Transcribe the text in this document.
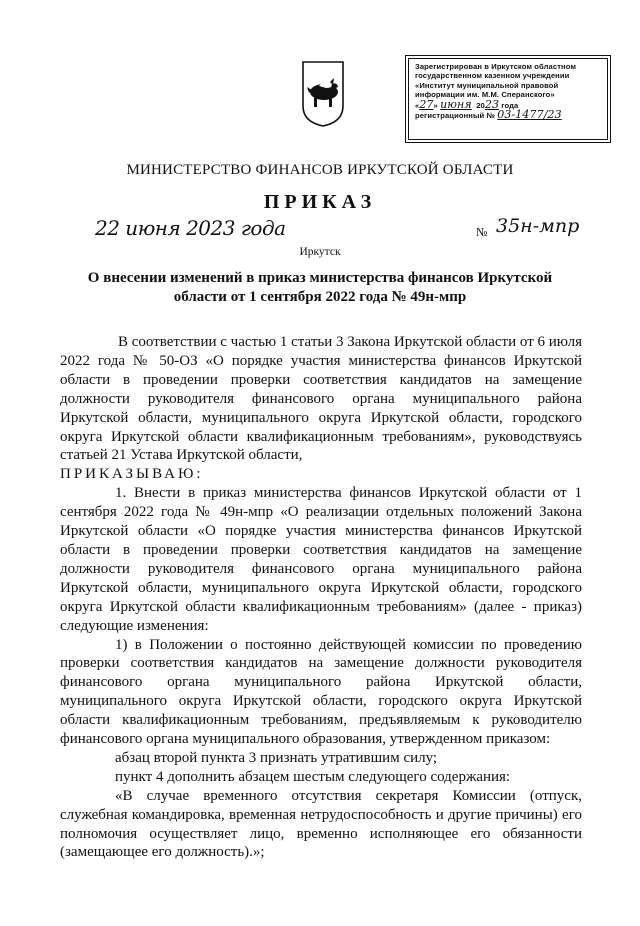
Зарегистрирован в Иркутском областном
государственном казенном учреждении
«Институт муниципальной правовой
информации им. М.М. Сперанского»
«27» июня 2023 года
регистрационный № 03-1477/23
МИНИСТЕРСТВО ФИНАНСОВ ИРКУТСКОЙ ОБЛАСТИ
ПРИКАЗ
22 июня 2023 года	№ 35н-мпр
Иркутск
О внесении изменений в приказ министерства финансов Иркутской
области от 1 сентября 2022 года № 49н-мпр

В соответствии с частью 1 статьи 3 Закона Иркутской области от 6 июля 2022 года № 50-ОЗ «О порядке участия министерства финансов Иркутской области в проведении проверки соответствия кандидатов на замещение должности руководителя финансового органа муниципального района Иркутской области, муниципального округа Иркутской области, городского округа Иркутской области квалификационным требованиям», руководствуясь статьей 21 Устава Иркутской области,

ПРИКАЗЫВАЮ:

1. Внести в приказ министерства финансов Иркутской области от 1 сентября 2022 года № 49н-мпр «О реализации отдельных положений Закона Иркутской области «О порядке участия министерства финансов Иркутской области в проведении проверки соответствия кандидатов на замещение должности руководителя финансового органа муниципального района Иркутской области, муниципального округа Иркутской области, городского округа Иркутской области квалификационным требованиям» (далее - приказ) следующие изменения:

1) в Положении о постоянно действующей комиссии по проведению проверки соответствия кандидатов на замещение должности руководителя финансового органа муниципального района Иркутской области, муниципального округа Иркутской области, городского округа Иркутской области квалификационным требованиям, предъявляемым к руководителю финансового органа муниципального образования, утвержденном приказом:

абзац второй пункта 3 признать утратившим силу;

пункт 4 дополнить абзацем шестым следующего содержания:

«В случае временного отсутствия секретаря Комиссии (отпуск, служебная командировка, временная нетрудоспособность и другие причины) его полномочия осуществляет лицо, временно исполняющее его обязанности (замещающее его должность).»;
